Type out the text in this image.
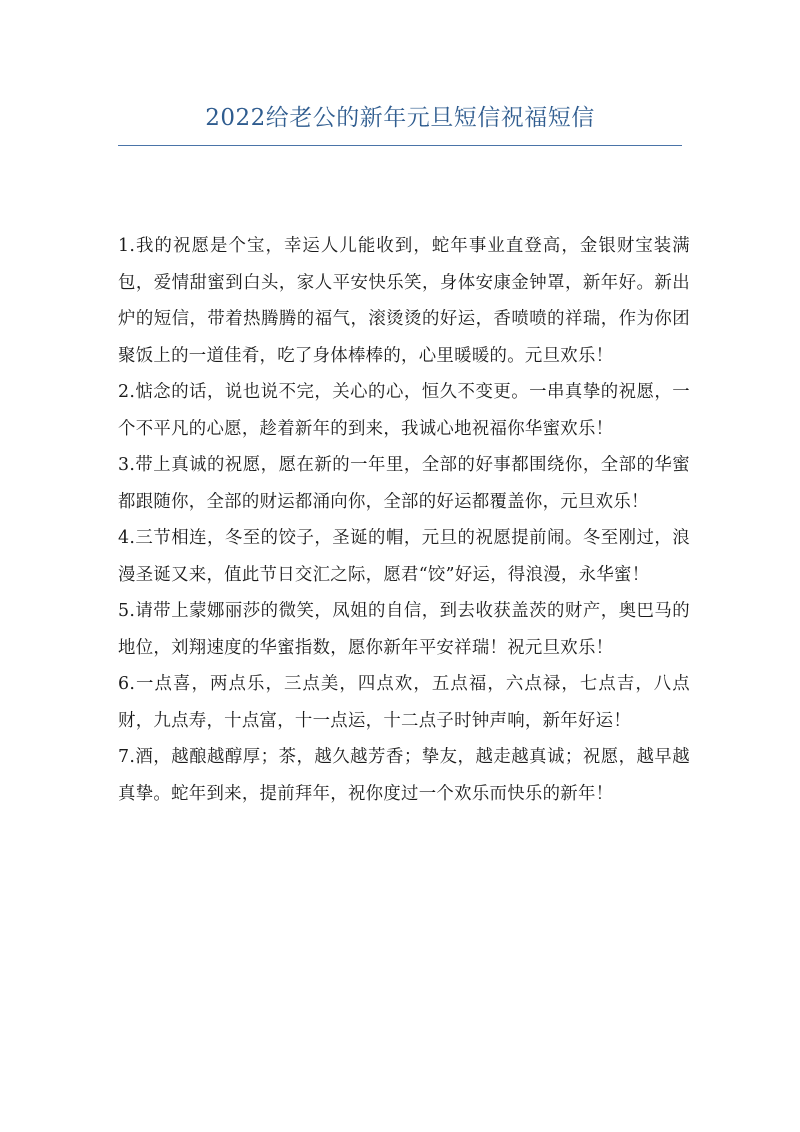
2022给老公的新年元旦短信祝福短信

1.我的祝愿是个宝，幸运人儿能收到，蛇年事业直登高，金银财宝装满包，爱情甜蜜到白头，家人平安快乐笑，身体安康金钟罩，新年好。新出炉的短信，带着热腾腾的福气，滚烫烫的好运，香喷喷的祥瑞，作为你团聚饭上的一道佳肴，吃了身体棒棒的，心里暖暖的。元旦欢乐！

2.惦念的话，说也说不完，关心的心，恒久不变更。一串真挚的祝愿，一个不平凡的心愿，趁着新年的到来，我诚心地祝福你华蜜欢乐！

3.带上真诚的祝愿，愿在新的一年里，全部的好事都围绕你，全部的华蜜都跟随你，全部的财运都涌向你，全部的好运都覆盖你，元旦欢乐！

4.三节相连，冬至的饺子，圣诞的帽，元旦的祝愿提前闹。冬至刚过，浪漫圣诞又来，值此节日交汇之际，愿君“饺”好运，得浪漫，永华蜜！

5.请带上蒙娜丽莎的微笑，凤姐的自信，到去收获盖茨的财产，奥巴马的地位，刘翔速度的华蜜指数，愿你新年平安祥瑞！祝元旦欢乐！

6.一点喜，两点乐，三点美，四点欢，五点福，六点禄，七点吉，八点财，九点寿，十点富，十一点运，十二点子时钟声响，新年好运！

7.酒，越酿越醇厚；茶，越久越芳香；挚友，越走越真诚；祝愿，越早越真挚。蛇年到来，提前拜年，祝你度过一个欢乐而快乐的新年！
